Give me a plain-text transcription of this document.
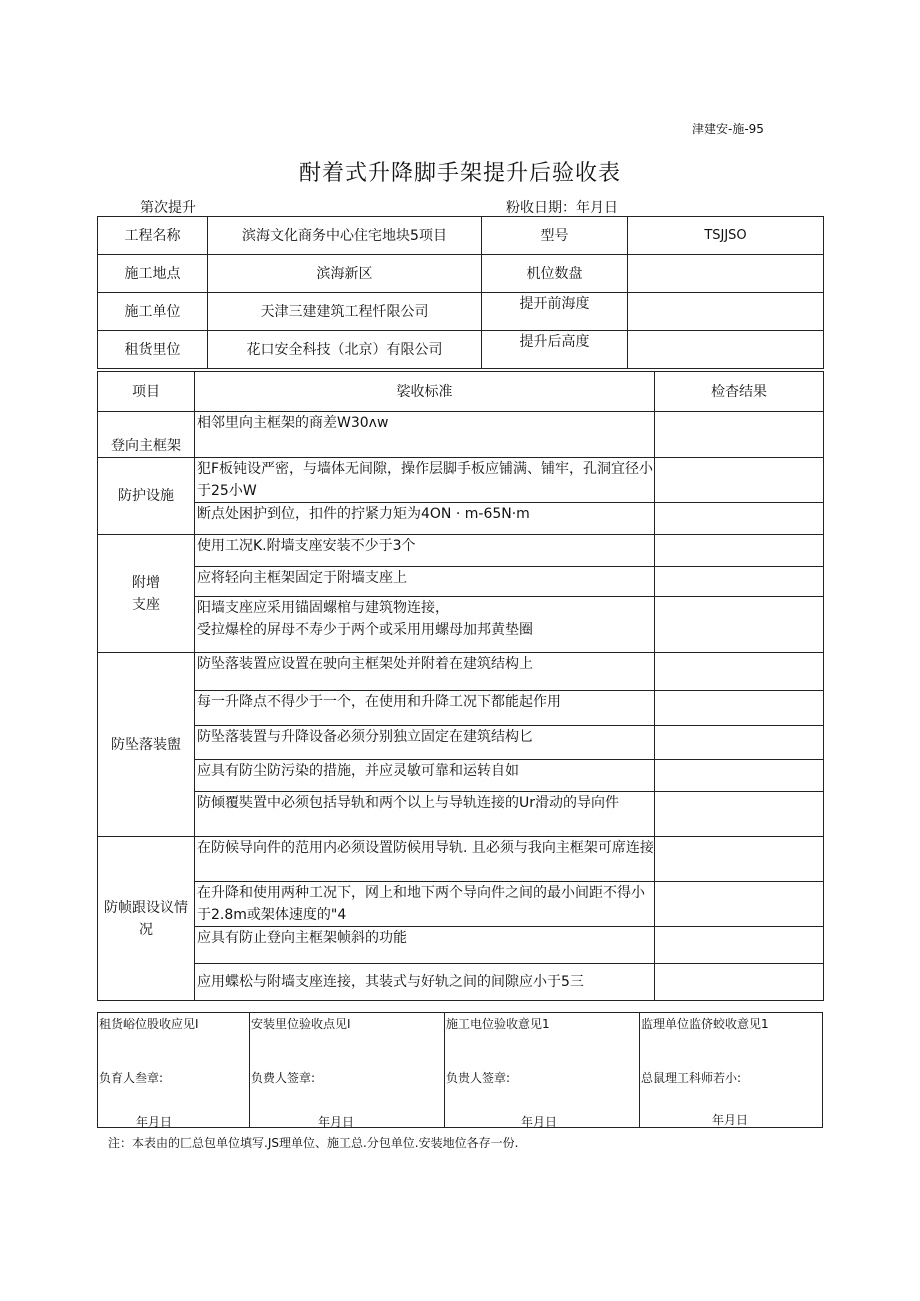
津建安-施-95
酎着式升降脚手架提升后验收表
第次提升	粉收日期：年月日
工程名称	滨海文化商务中心住宅地块5项目	型号	TSJJSO
施工地点	滨海新区	机位数盘	
施工单位	天津三建建筑工程忏限公司	提开前海度	
租货里位	花口安全科技（北京）有限公司	提升后高度	
项目	裟收标准	检杳结果
登向主框架	相邻里向主框架的商差W30ʌw	
防护设施	犯F板钝设严密，与墙体无间隙，操作层脚手板应铺满、铺牢，孔洞宜径小于25小W	
	断点处困护到位，扣件的拧紧力矩为4ON · m-65N·m	
附增
支座	使用工况K.附墙支座安装不少于3个	
	应将轻向主框架固定于附墙支座上	
	阳墙支座应采用锚固螺棺与建筑物连接，
受拉爆栓的屏母不寿少于两个或采用用螺母加邦黄垫圈	
防坠落装盥	防坠落装置应设置在驶向主框架处并附着在建筑结构上	
	每一升降点不得少于一个，在使用和升降工况下都能起作用	
	防坠落装置与升降设备必须分别独立固定在建筑结构匕	
	应具有防尘防污染的措施，并应灵敏可靠和运转自如	
	防倾覆奘置中必须包括导轨和两个以上与导轨连接的Ur滑动的导向件	
防帧跟设议情
况	在防候导向件的范用内必须设置防候用导轨. 且必须与我向主框架可席连接	
	在升降和使用两种工况下，网上和地下两个导向件之间的最小间距不得小于2.8m或架体速度的"4	
	应具有防止登向主框架帧斜的功能	
	应用蝶松与附墙支座连接，其装式与好轨之间的间隙应小于5三	
租货峪位股收应见I
负育人叁章:
年月日
安装里位验收点见I
负费人签章:
年月日
施工电位验收意见1
负贵人签章:
年月日
监理单位监侪蛟收意见1
总鼠理工科师若小:
年月日
注：本表由的匚总包单位填写.JS理单位、施工总.分包单位.安装地位各存一份.
